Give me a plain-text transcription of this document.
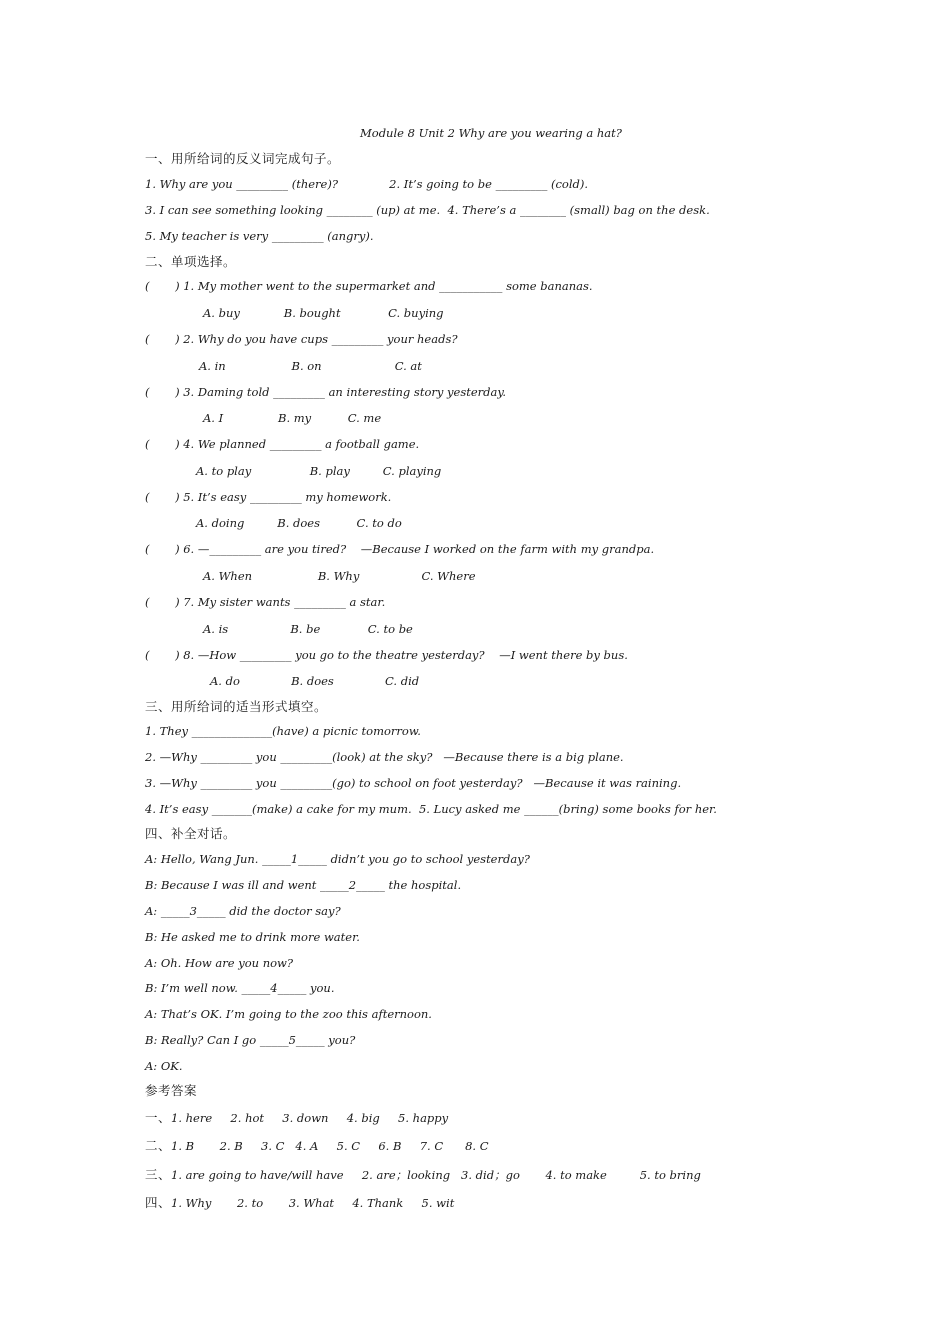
Module 8 Unit 2 Why are you wearing a hat?
一、用所给词的反义词完成句子。
1. Why are you _________ (there)?              2. It’s going to be _________ (cold).
3. I can see something looking ________ (up) at me.  4. There’s a ________ (small) bag on the desk.
5. My teacher is very _________ (angry).
二、单项选择。
(       ) 1. My mother went to the supermarket and ___________ some bananas.
A. buy            B. bought             C. buying
(       ) 2. Why do you have cups _________ your heads?
A. in                  B. on                    C. at
(       ) 3. Daming told _________ an interesting story yesterday.
A. I               B. my          C. me
(       ) 4. We planned _________ a football game.
A. to play                B. play         C. playing
(       ) 5. It’s easy _________ my homework.
A. doing         B. does          C. to do
(       ) 6. —_________ are you tired?    —Because I worked on the farm with my grandpa.
A. When                  B. Why                 C. Where
(       ) 7. My sister wants _________ a star.
A. is                 B. be             C. to be
(       ) 8. —How _________ you go to the theatre yesterday?    —I went there by bus.
A. do              B. does              C. did
三、用所给词的适当形式填空。
1. They ______________(have) a picnic tomorrow.
2. —Why _________ you _________(look) at the sky?   —Because there is a big plane.
3. —Why _________ you _________(go) to school on foot yesterday?   —Because it was raining.
4. It’s easy _______(make) a cake for my mum.  5. Lucy asked me ______(bring) some books for her.
四、补全对话。
A: Hello, Wang Jun. _____1_____ didn’t you go to school yesterday?
B: Because I was ill and went _____2_____ the hospital.
A: _____3_____ did the doctor say?
B: He asked me to drink more water.
A: Oh. How are you now?
B: I’m well now. _____4_____ you.
A: That’s OK. I’m going to the zoo this afternoon.
B: Really? Can I go _____5_____ you?
A: OK.
参考答案
一、1. here     2. hot     3. down     4. big     5. happy
二、1. B       2. B     3. C   4. A     5. C     6. B     7. C      8. C
三、1. are going to have/will have     2. are；looking   3. did；go       4. to make         5. to bring
四、1. Why       2. to       3. What     4. Thank     5. wit
